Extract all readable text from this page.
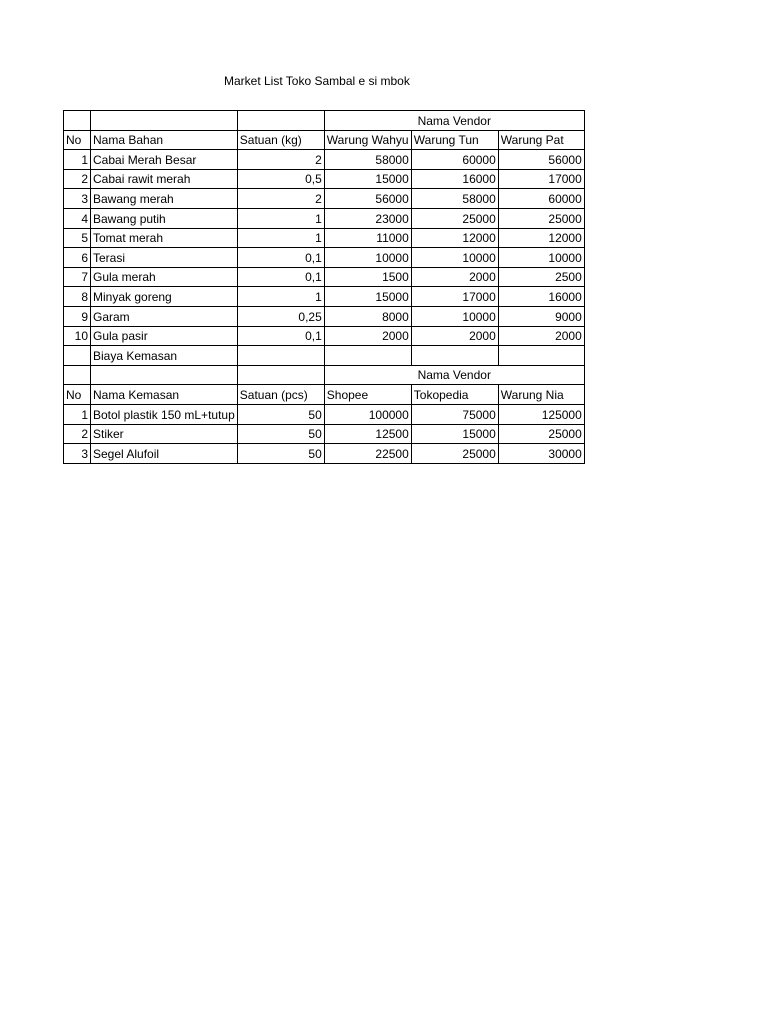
Market List Toko Sambal e si mbok
			Nama Vendor		
No	Nama Bahan	Satuan (kg)	Warung Wahyu	Warung Tun	Warung Pat
1	Cabai Merah Besar	2	58000	60000	56000
2	Cabai rawit merah	0,5	15000	16000	17000
3	Bawang merah	2	56000	58000	60000
4	Bawang putih	1	23000	25000	25000
5	Tomat merah	1	11000	12000	12000
6	Terasi	0,1	10000	10000	10000
7	Gula merah	0,1	1500	2000	2500
8	Minyak goreng	1	15000	17000	16000
9	Garam	0,25	8000	10000	9000
10	Gula pasir	0,1	2000	2000	2000
	Biaya Kemasan				
			Nama Vendor		
No	Nama Kemasan	Satuan (pcs)	Shopee	Tokopedia	Warung Nia
1	Botol plastik 150 mL+tutup	50	100000	75000	125000
2	Stiker	50	12500	15000	25000
3	Segel Alufoil	50	22500	25000	30000
